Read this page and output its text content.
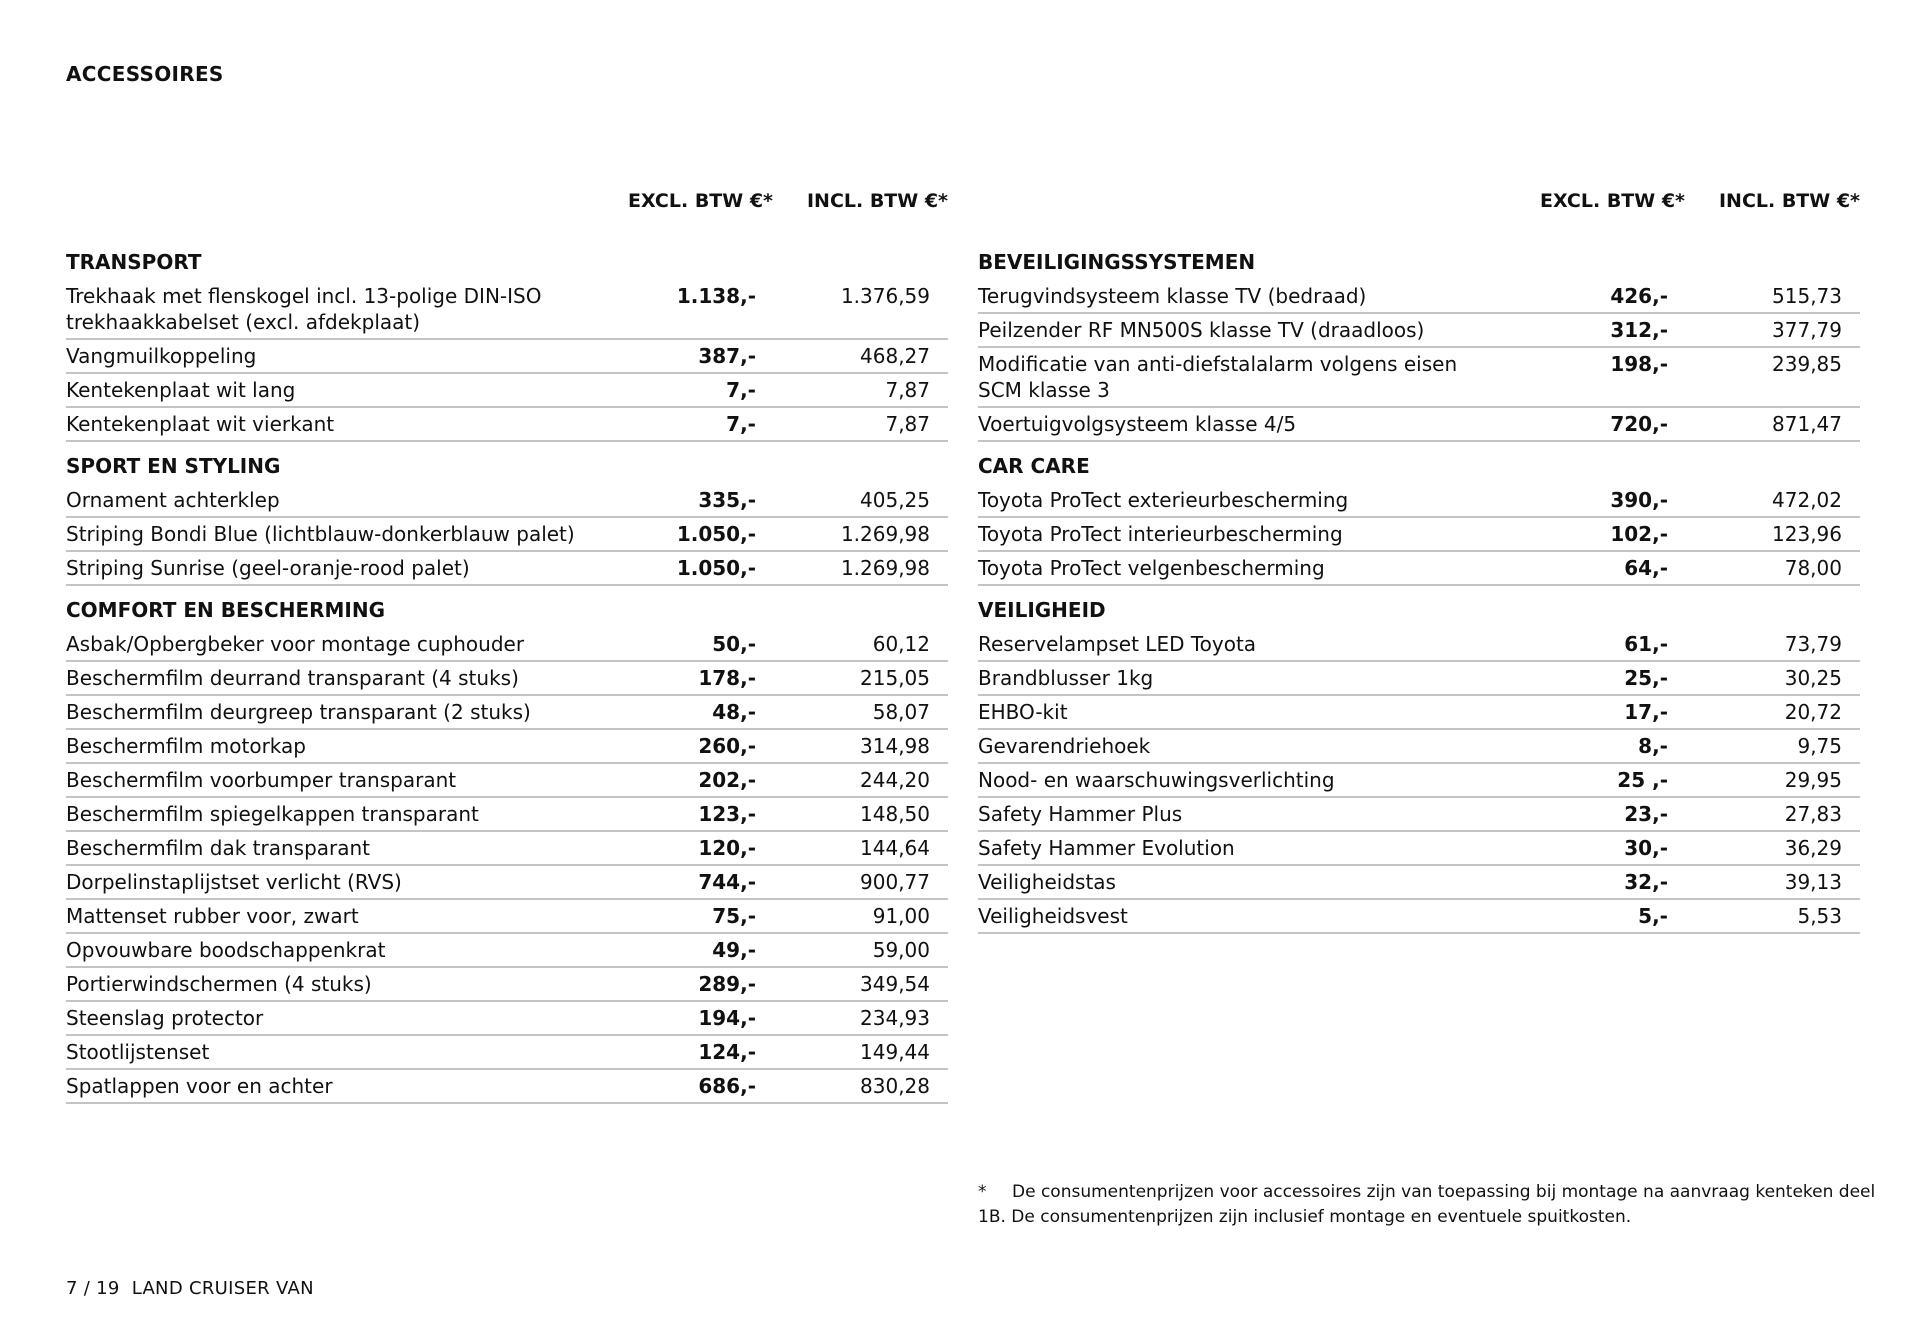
ACCESSOIRES
EXCL. BTW €* INCL. BTW €*
TRANSPORT
Trekhaak met flenskogel incl. 13-polige DIN-ISO trekhaakkabelset (excl. afdekplaat)
1.138,-	1.376,59
Vangmuilkoppeling	387,-	468,27
Kentekenplaat wit lang	7,-	7,87
Kentekenplaat wit vierkant	7,-	7,87
SPORT EN STYLING
Ornament achterklep	335,-	405,25
Striping Bondi Blue (lichtblauw-donkerblauw palet)	1.050,-	1.269,98
Striping Sunrise (geel-oranje-rood palet)	1.050,-	1.269,98
COMFORT EN BESCHERMING
Asbak/Opbergbeker voor montage cuphouder	50,-	60,12
Beschermfilm deurrand transparant (4 stuks)	178,-	215,05
Beschermfilm deurgreep transparant (2 stuks)	48,-	58,07
Beschermfilm motorkap	260,-	314,98
Beschermfilm voorbumper transparant	202,-	244,20
Beschermfilm spiegelkappen transparant	123,-	148,50
Beschermfilm dak transparant	120,-	144,64
Dorpelinstaplijstset verlicht (RVS)	744,-	900,77
Mattenset rubber voor, zwart	75,-	91,00
Opvouwbare boodschappenkrat	49,-	59,00
Portierwindschermen (4 stuks)	289,-	349,54
Steenslag protector	194,-	234,93
Stootlijstenset	124,-	149,44
Spatlappen voor en achter	686,-	830,28
EXCL. BTW €* INCL. BTW €*
BEVEILIGINGSSYSTEMEN
Terugvindsysteem klasse TV (bedraad)	426,-	515,73
Peilzender RF MN500S klasse TV (draadloos)	312,-	377,79
Modificatie van anti-diefstalalarm volgens eisen SCM klasse 3
198,-	239,85
Voertuigvolgsysteem klasse 4/5	720,-	871,47
CAR CARE
Toyota ProTect exterieurbescherming	390,-	472,02
Toyota ProTect interieurbescherming	102,-	123,96
Toyota ProTect velgenbescherming	64,-	78,00
VEILIGHEID
Reservelampset LED Toyota	61,-	73,79
Brandblusser 1kg	25,-	30,25
EHBO-kit	17,-	20,72
Gevarendriehoek	8,-	9,75
Nood- en waarschuwingsverlichting	25 ,-	29,95
Safety Hammer Plus	23,-	27,83
Safety Hammer Evolution	30,-	36,29
Veiligheidstas	32,-	39,13
Veiligheidsvest	5,-	5,53
* De consumentenprijzen voor accessoires zijn van toepassing bij montage na aanvraag kenteken deel 1B. De consumentenprijzen zijn inclusief montage en eventuele spuitkosten.
7 / 19  LAND CRUISER VAN
